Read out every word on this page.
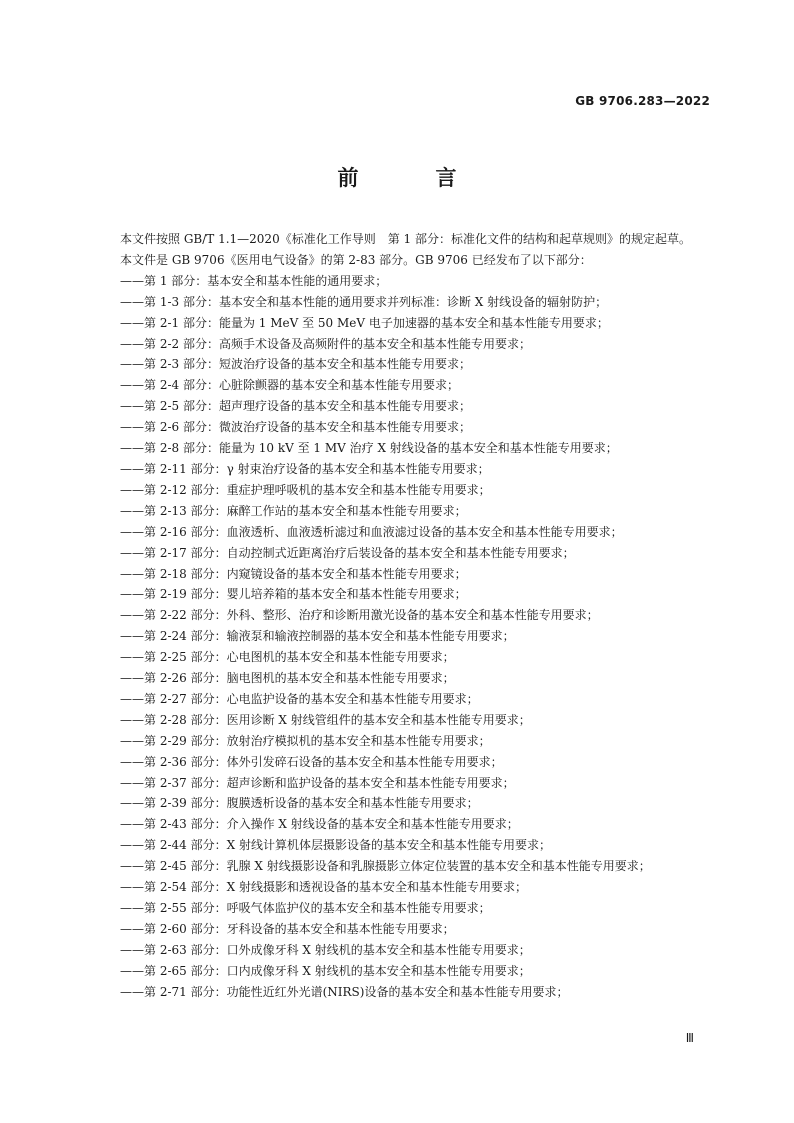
GB 9706.283—2022
前　言

本文件按照 GB/T 1.1—2020《标准化工作导则　第 1 部分：标准化文件的结构和起草规则》的规定起草。

本文件是 GB 9706《医用电气设备》的第 2-83 部分。GB 9706 已经发布了以下部分：

——第 1 部分：基本安全和基本性能的通用要求；

——第 1-3 部分：基本安全和基本性能的通用要求并列标准：诊断 X 射线设备的辐射防护；

——第 2-1 部分：能量为 1 MeV 至 50 MeV 电子加速器的基本安全和基本性能专用要求；

——第 2-2 部分：高频手术设备及高频附件的基本安全和基本性能专用要求；

——第 2-3 部分：短波治疗设备的基本安全和基本性能专用要求；

——第 2-4 部分：心脏除颤器的基本安全和基本性能专用要求；

——第 2-5 部分：超声理疗设备的基本安全和基本性能专用要求；

——第 2-6 部分：微波治疗设备的基本安全和基本性能专用要求；

——第 2-8 部分：能量为 10 kV 至 1 MV 治疗 X 射线设备的基本安全和基本性能专用要求；

——第 2-11 部分：γ 射束治疗设备的基本安全和基本性能专用要求；

——第 2-12 部分：重症护理呼吸机的基本安全和基本性能专用要求；

——第 2-13 部分：麻醉工作站的基本安全和基本性能专用要求；

——第 2-16 部分：血液透析、血液透析滤过和血液滤过设备的基本安全和基本性能专用要求；

——第 2-17 部分：自动控制式近距离治疗后装设备的基本安全和基本性能专用要求；

——第 2-18 部分：内窥镜设备的基本安全和基本性能专用要求；

——第 2-19 部分：婴儿培养箱的基本安全和基本性能专用要求；

——第 2-22 部分：外科、整形、治疗和诊断用激光设备的基本安全和基本性能专用要求；

——第 2-24 部分：输液泵和输液控制器的基本安全和基本性能专用要求；

——第 2-25 部分：心电图机的基本安全和基本性能专用要求；

——第 2-26 部分：脑电图机的基本安全和基本性能专用要求；

——第 2-27 部分：心电监护设备的基本安全和基本性能专用要求；

——第 2-28 部分：医用诊断 X 射线管组件的基本安全和基本性能专用要求；

——第 2-29 部分：放射治疗模拟机的基本安全和基本性能专用要求；

——第 2-36 部分：体外引发碎石设备的基本安全和基本性能专用要求；

——第 2-37 部分：超声诊断和监护设备的基本安全和基本性能专用要求；

——第 2-39 部分：腹膜透析设备的基本安全和基本性能专用要求；

——第 2-43 部分：介入操作 X 射线设备的基本安全和基本性能专用要求；

——第 2-44 部分：X 射线计算机体层摄影设备的基本安全和基本性能专用要求；

——第 2-45 部分：乳腺 X 射线摄影设备和乳腺摄影立体定位装置的基本安全和基本性能专用要求；

——第 2-54 部分：X 射线摄影和透视设备的基本安全和基本性能专用要求；

——第 2-55 部分：呼吸气体监护仪的基本安全和基本性能专用要求；

——第 2-60 部分：牙科设备的基本安全和基本性能专用要求；

——第 2-63 部分：口外成像牙科 X 射线机的基本安全和基本性能专用要求；

——第 2-65 部分：口内成像牙科 X 射线机的基本安全和基本性能专用要求；

——第 2-71 部分：功能性近红外光谱(NIRS)设备的基本安全和基本性能专用要求；

Ⅲ
